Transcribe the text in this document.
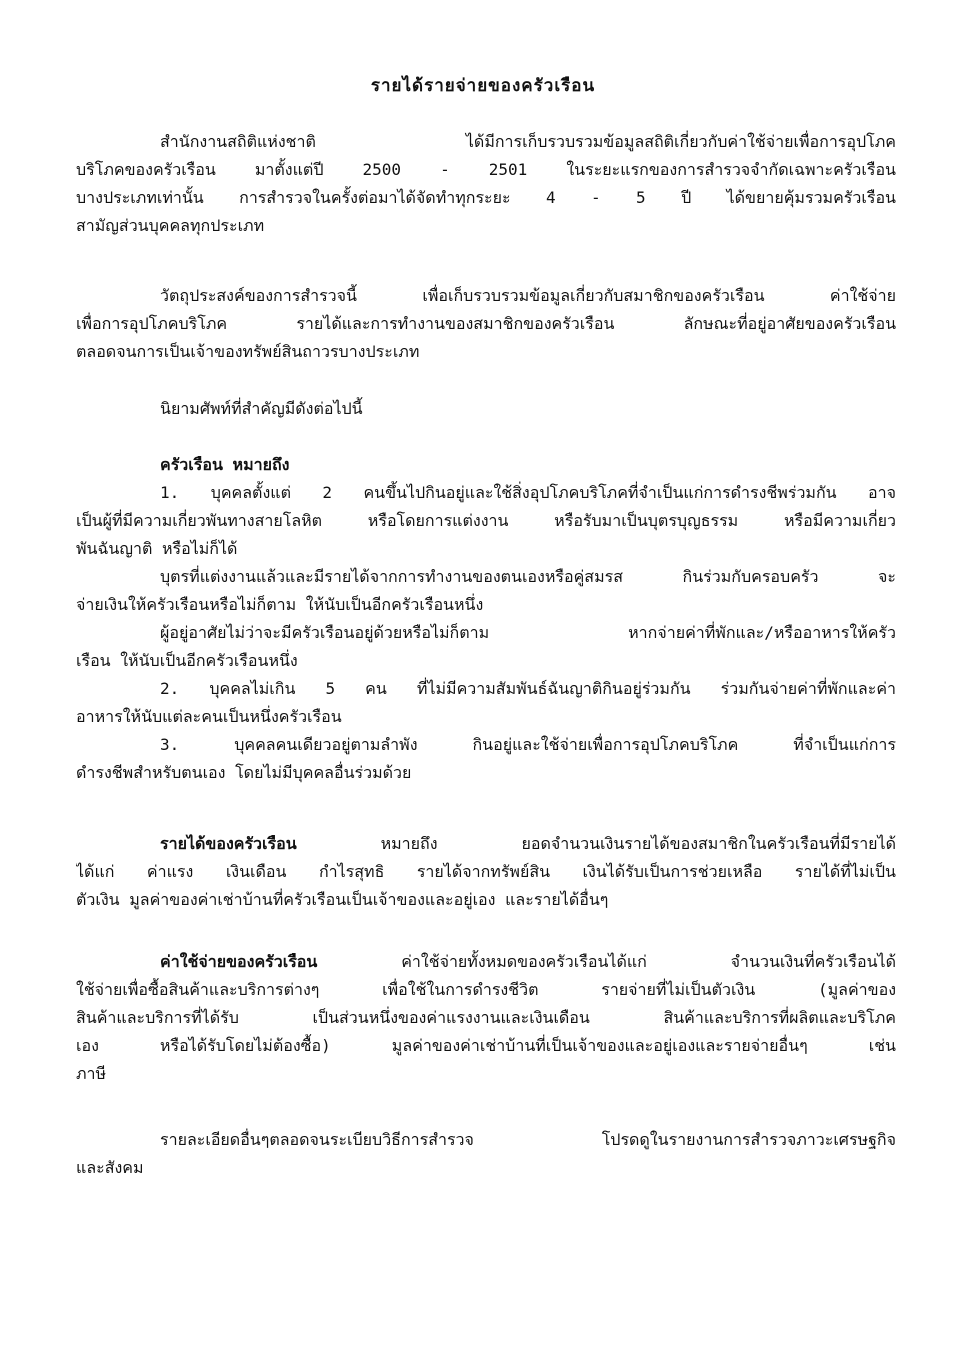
รายได้รายจ่ายของครัวเรือน
สำนักงานสถิติแห่งชาติ ได้มีการเก็บรวบรวมข้อมูลสถิติเกี่ยวกับค่าใช้จ่ายเพื่อการอุปโภค
บริโภคของครัวเรือน มาตั้งแต่ปี 2500 - 2501 ในระยะแรกของการสำรวจจำกัดเฉพาะครัวเรือน
บางประเภทเท่านั้น การสำรวจในครั้งต่อมาได้จัดทำทุกระยะ 4 - 5 ปี ได้ขยายคุ้มรวมครัวเรือน
สามัญส่วนบุคคลทุกประเภท
วัตถุประสงค์ของการสำรวจนี้ เพื่อเก็บรวบรวมข้อมูลเกี่ยวกับสมาชิกของครัวเรือน ค่าใช้จ่าย
เพื่อการอุปโภคบริโภค รายได้และการทำงานของสมาชิกของครัวเรือน ลักษณะที่อยู่อาศัยของครัวเรือน
ตลอดจนการเป็นเจ้าของทรัพย์สินถาวรบางประเภท
นิยามศัพท์ที่สำคัญมีดังต่อไปนี้
ครัวเรือน หมายถึง
1. บุคคลตั้งแต่ 2 คนขึ้นไปกินอยู่และใช้สิ่งอุปโภคบริโภคที่จำเป็นแก่การดำรงชีพร่วมกัน อาจ
เป็นผู้ที่มีความเกี่ยวพันทางสายโลหิต หรือโดยการแต่งงาน หรือรับมาเป็นบุตรบุญธรรม หรือมีความเกี่ยว
พันฉันญาติ หรือไม่ก็ได้
บุตรที่แต่งงานแล้วและมีรายได้จากการทำงานของตนเองหรือคู่สมรส กินร่วมกับครอบครัว จะ
จ่ายเงินให้ครัวเรือนหรือไม่ก็ตาม ให้นับเป็นอีกครัวเรือนหนึ่ง
ผู้อยู่อาศัยไม่ว่าจะมีครัวเรือนอยู่ด้วยหรือไม่ก็ตาม หากจ่ายค่าที่พักและ/หรืออาหารให้ครัว
เรือน ให้นับเป็นอีกครัวเรือนหนึ่ง
2. บุคคลไม่เกิน 5 คน ที่ไม่มีความสัมพันธ์ฉันญาติกินอยู่ร่วมกัน ร่วมกันจ่ายค่าที่พักและค่า
อาหารให้นับแต่ละคนเป็นหนึ่งครัวเรือน
3. บุคคลคนเดียวอยู่ตามลำพัง กินอยู่และใช้จ่ายเพื่อการอุปโภคบริโภค ที่จำเป็นแก่การ
ดำรงชีพสำหรับตนเอง โดยไม่มีบุคคลอื่นร่วมด้วย
รายได้ของครัวเรือน	หมายถึง ยอดจำนวนเงินรายได้ของสมาชิกในครัวเรือนที่มีรายได้
ได้แก่ ค่าแรง เงินเดือน กำไรสุทธิ รายได้จากทรัพย์สิน เงินได้รับเป็นการช่วยเหลือ รายได้ที่ไม่เป็น
ตัวเงิน มูลค่าของค่าเช่าบ้านที่ครัวเรือนเป็นเจ้าของและอยู่เอง และรายได้อื่นๆ
ค่าใช้จ่ายของครัวเรือน	ค่าใช้จ่ายทั้งหมดของครัวเรือนได้แก่ จำนวนเงินที่ครัวเรือนได้
ใช้จ่ายเพื่อซื้อสินค้าและบริการต่างๆ เพื่อใช้ในการดำรงชีวิต รายจ่ายที่ไม่เป็นตัวเงิน (มูลค่าของ
สินค้าและบริการที่ได้รับ เป็นส่วนหนึ่งของค่าแรงงานและเงินเดือน สินค้าและบริการที่ผลิตและบริโภค
เอง หรือได้รับโดยไม่ต้องซื้อ) มูลค่าของค่าเช่าบ้านที่เป็นเจ้าของและอยู่เองและรายจ่ายอื่นๆ เช่น
ภาษี
รายละเอียดอื่นๆตลอดจนระเบียบวิธีการสำรวจ โปรดดูในรายงานการสำรวจภาวะเศรษฐกิจ
และสังคม
